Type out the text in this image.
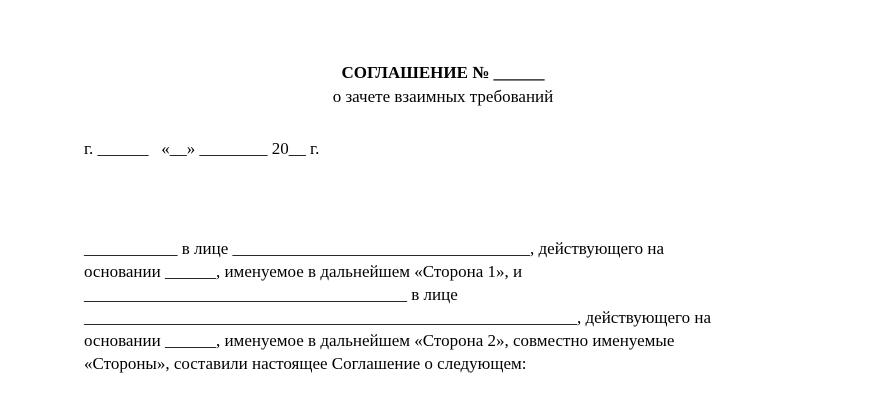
СОГЛАШЕНИЕ № ______
о зачете взаимных требований
г. ______   «__» ________ 20__ г.
___________ в лице ___________________________________, действующего на
основании ______, именуемое в дальнейшем «Сторона 1», и
______________________________________ в лице
__________________________________________________________, действующего на
основании ______, именуемое в дальнейшем «Сторона 2», совместно именуемые
«Стороны», составили настоящее Соглашение о следующем:
